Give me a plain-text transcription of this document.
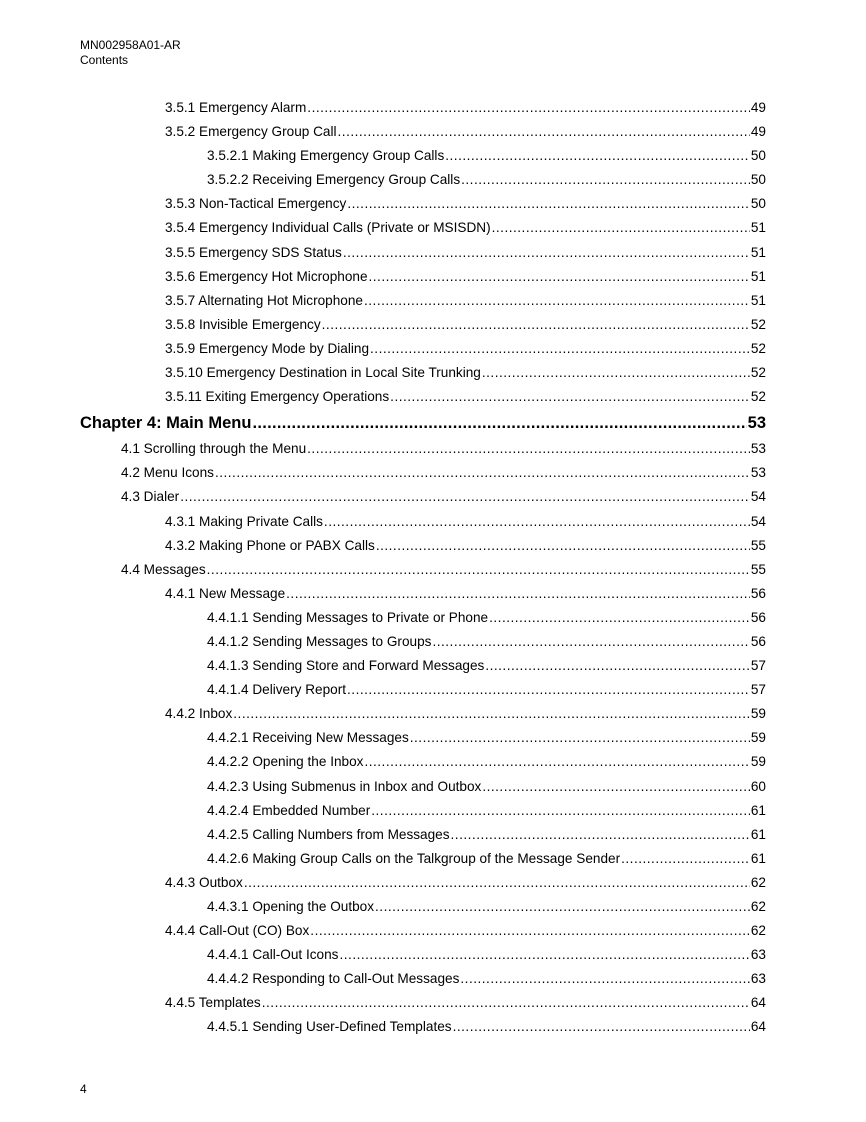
MN002958A01-AR
Contents
3.5.1 Emergency Alarm .....	49
3.5.2 Emergency Group Call .....	49
3.5.2.1 Making Emergency Group Calls .....	50
3.5.2.2 Receiving Emergency Group Calls .....	50
3.5.3 Non-Tactical Emergency .....	50
3.5.4 Emergency Individual Calls (Private or MSISDN) .....	51
3.5.5 Emergency SDS Status .....	51
3.5.6 Emergency Hot Microphone .....	51
3.5.7 Alternating Hot Microphone .....	51
3.5.8 Invisible Emergency .....	52
3.5.9 Emergency Mode by Dialing .....	52
3.5.10 Emergency Destination in Local Site Trunking .....	52
3.5.11 Exiting Emergency Operations .....	52
Chapter 4: Main Menu .....	53
4.1 Scrolling through the Menu .....	53
4.2 Menu Icons .....	53
4.3 Dialer .....	54
4.3.1 Making Private Calls .....	54
4.3.2 Making Phone or PABX Calls .....	55
4.4 Messages .....	55
4.4.1 New Message .....	56
4.4.1.1 Sending Messages to Private or Phone .....	56
4.4.1.2 Sending Messages to Groups .....	56
4.4.1.3 Sending Store and Forward Messages .....	57
4.4.1.4 Delivery Report .....	57
4.4.2 Inbox .....	59
4.4.2.1 Receiving New Messages .....	59
4.4.2.2 Opening the Inbox .....	59
4.4.2.3 Using Submenus in Inbox and Outbox .....	60
4.4.2.4 Embedded Number .....	61
4.4.2.5 Calling Numbers from Messages .....	61
4.4.2.6 Making Group Calls on the Talkgroup of the Message Sender .....	61
4.4.3 Outbox .....	62
4.4.3.1 Opening the Outbox .....	62
4.4.4 Call-Out (CO) Box .....	62
4.4.4.1 Call-Out Icons .....	63
4.4.4.2 Responding to Call-Out Messages .....	63
4.4.5 Templates .....	64
4.4.5.1 Sending User-Defined Templates .....	64
4
